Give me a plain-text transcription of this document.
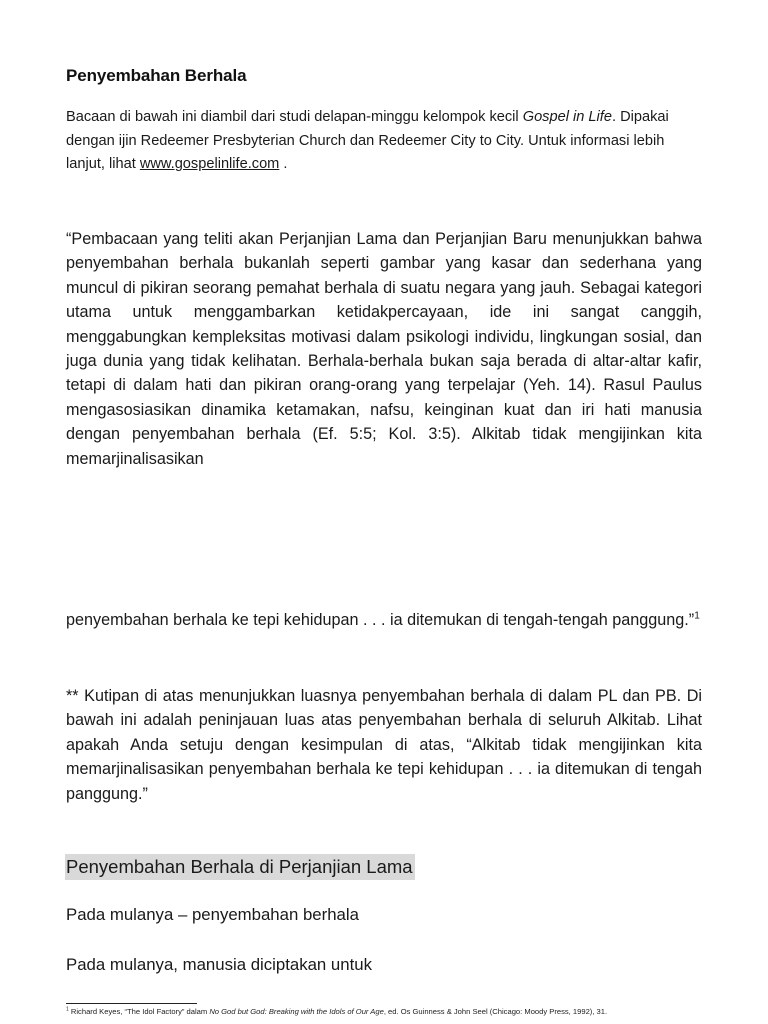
Penyembahan Berhala

Bacaan di bawah ini diambil dari studi delapan-minggu kelompok kecil Gospel in Life. Dipakai dengan ijin Redeemer Presbyterian Church dan Redeemer City to City. Untuk informasi lebih lanjut, lihat www.gospelinlife.com .

“Pembacaan yang teliti akan Perjanjian Lama dan Perjanjian Baru menunjukkan bahwa penyembahan berhala bukanlah seperti gambar yang kasar dan sederhana yang muncul di pikiran seorang pemahat berhala di suatu negara yang jauh. Sebagai kategori utama untuk menggambarkan ketidakpercayaan, ide ini sangat canggih, menggabungkan kempleksitas motivasi dalam psikologi individu, lingkungan sosial, dan juga dunia yang tidak kelihatan. Berhala-berhala bukan saja berada di altar-altar kafir, tetapi di dalam hati dan pikiran orang-orang yang terpelajar (Yeh. 14). Rasul Paulus mengasosiasikan dinamika ketamakan, nafsu, keinginan kuat dan iri hati manusia dengan penyembahan berhala (Ef. 5:5; Kol. 3:5). Alkitab tidak mengijinkan kita memarjinalisasikan

penyembahan berhala ke tepi kehidupan . . . ia ditemukan di tengah-tengah panggung.”$^1$

** Kutipan di atas menunjukkan luasnya penyembahan berhala di dalam PL dan PB. Di bawah ini adalah peninjauan luas atas penyembahan berhala di seluruh Alkitab. Lihat apakah Anda setuju dengan kesimpulan di atas, “Alkitab tidak mengijinkan kita memarjinalisasikan penyembahan berhala ke tepi kehidupan . . . ia ditemukan di tengah panggung.”

Penyembahan Berhala di Perjanjian Lama

Pada mulanya – penyembahan berhala

Pada mulanya, manusia diciptakan untuk

$^1$ Richard Keyes, “The Idol Factory” dalam No God but God: Breaking with the Idols of Our Age, ed. Os Guinness & John Seel (Chicago: Moody Press, 1992), 31.
